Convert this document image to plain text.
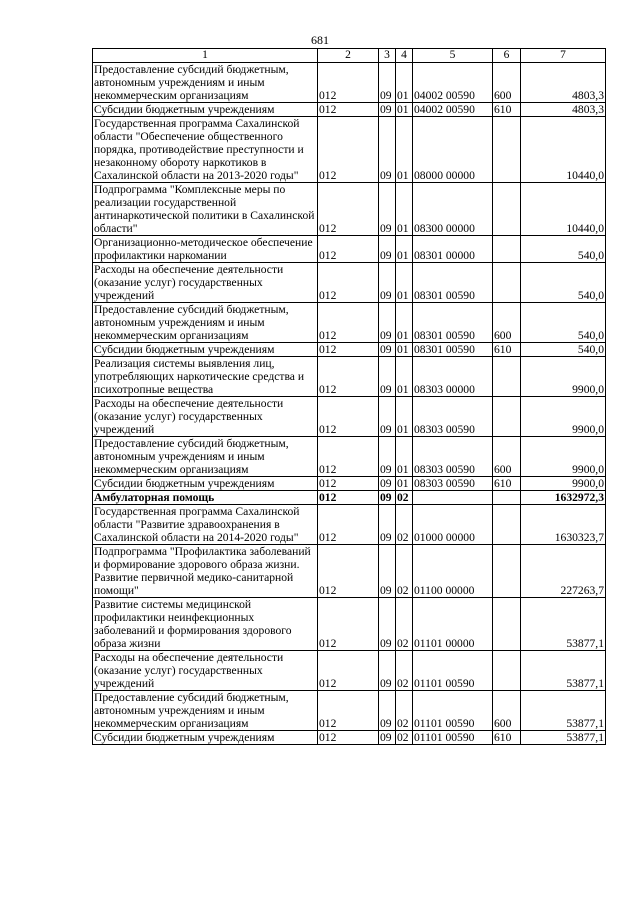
681
1	2	3	4	5	6	7
Предоставление субсидий бюджетным, автономным учреждениям и иным некоммерческим организациям	012	09	01	04002 00590	600	4803,3
Субсидии бюджетным учреждениям	012	09	01	04002 00590	610	4803,3
Государственная программа Сахалинской области "Обеспечение общественного порядка, противодействие преступности и незаконному обороту наркотиков в Сахалинской области на 2013-2020 годы"	012	09	01	08000 00000		10440,0
Подпрограмма "Комплексные меры по реализации государственной антинаркотической политики в Сахалинской области"	012	09	01	08300 00000		10440,0
Организационно-методическое обеспечение профилактики наркомании	012	09	01	08301 00000		540,0
Расходы на обеспечение деятельности (оказание услуг) государственных учреждений	012	09	01	08301 00590		540,0
Предоставление субсидий бюджетным, автономным учреждениям и иным некоммерческим организациям	012	09	01	08301 00590	600	540,0
Субсидии бюджетным учреждениям	012	09	01	08301 00590	610	540,0
Реализация системы выявления лиц, употребляющих наркотические средства и психотропные вещества	012	09	01	08303 00000		9900,0
Расходы на обеспечение деятельности (оказание услуг) государственных учреждений	012	09	01	08303 00590		9900,0
Предоставление субсидий бюджетным, автономным учреждениям и иным некоммерческим организациям	012	09	01	08303 00590	600	9900,0
Субсидии бюджетным учреждениям	012	09	01	08303 00590	610	9900,0
Амбулаторная помощь	012	09	02			1632972,3
Государственная программа Сахалинской области "Развитие здравоохранения в Сахалинской области на 2014-2020 годы"	012	09	02	01000 00000		1630323,7
Подпрограмма "Профилактика заболеваний и формирование здорового образа жизни. Развитие первичной медико-санитарной помощи"	012	09	02	01100 00000		227263,7
Развитие системы медицинской профилактики неинфекционных заболеваний и формирования здорового образа жизни	012	09	02	01101 00000		53877,1
Расходы на обеспечение деятельности (оказание услуг) государственных учреждений	012	09	02	01101 00590		53877,1
Предоставление субсидий бюджетным, автономным учреждениям и иным некоммерческим организациям	012	09	02	01101 00590	600	53877,1
Субсидии бюджетным учреждениям	012	09	02	01101 00590	610	53877,1
